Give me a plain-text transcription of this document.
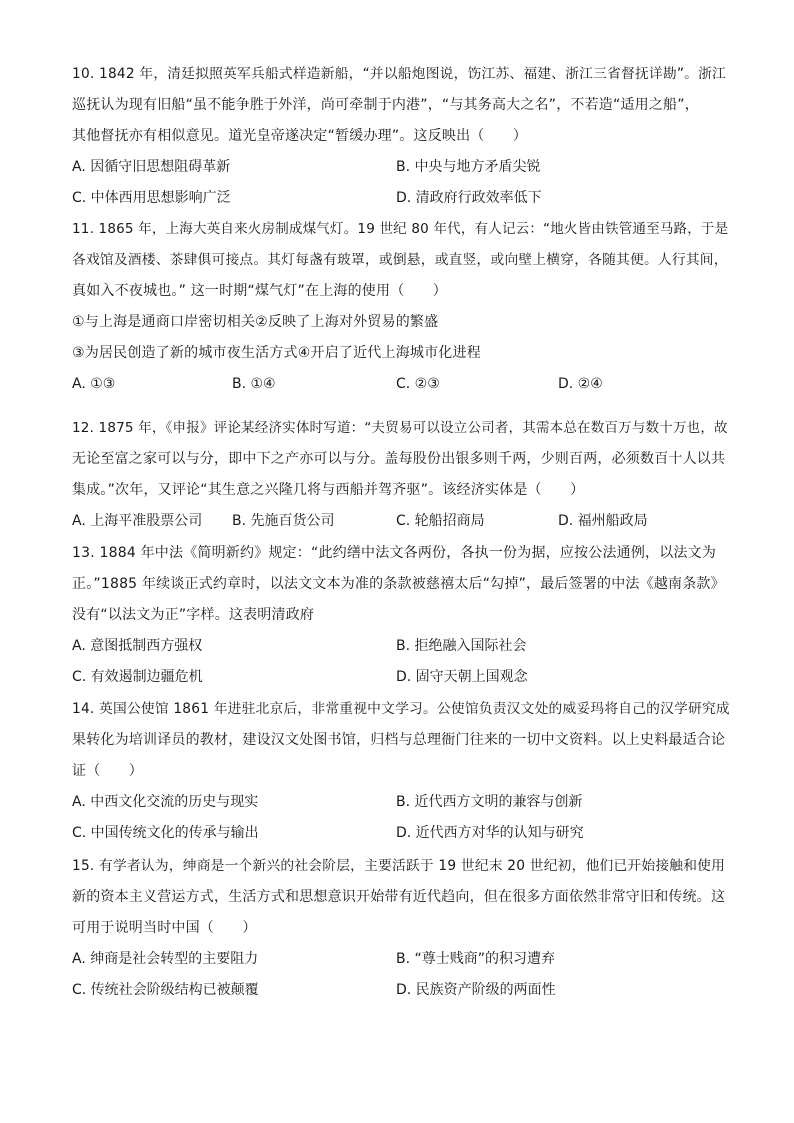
10. 1842 年，清廷拟照英军兵船式样造新船，“并以船炮图说，饬江苏、福建、浙江三省督抚详勘”。浙江
巡抚认为现有旧船“虽不能争胜于外洋，尚可牵制于内港”，“与其务高大之名”，不若造“适用之船”，
其他督抚亦有相似意见。道光皇帝遂决定“暂缓办理”。这反映出（　　）
A. 因循守旧思想阻碍革新	B. 中央与地方矛盾尖锐
C. 中体西用思想影响广泛	D. 清政府行政效率低下
11. 1865 年，上海大英自来火房制成煤气灯。19 世纪 80 年代，有人记云：“地火皆由铁管通至马路，于是
各戏馆及酒楼、茶肆俱可接点。其灯每盏有玻罩，或倒悬，或直竖，或向壁上横穿，各随其便。人行其间，
真如入不夜城也。” 这一时期“煤气灯”在上海的使用（　　）
①与上海是通商口岸密切相关②反映了上海对外贸易的繁盛
③为居民创造了新的城市夜生活方式④开启了近代上海城市化进程
A. ①③	B. ①④	C. ②③	D. ②④
12. 1875 年，《申报》评论某经济实体时写道：“夫贸易可以设立公司者，其需本总在数百万与数十万也，故
无论至富之家可以与分，即中下之产亦可以与分。盖每股份出银多则千两，少则百两，必须数百十人以共
集成。”次年，又评论“其生意之兴隆几将与西船并驾齐驱”。该经济实体是（　　）
A. 上海平准股票公司 B. 先施百货公司	C. 轮船招商局	D. 福州船政局
13. 1884 年中法《简明新约》规定：“此约缮中法文各两份，各执一份为据，应按公法通例，以法文为
正。”1885 年续谈正式约章时，以法文文本为准的条款被慈禧太后“勾掉”，最后签署的中法《越南条款》
没有“以法文为正”字样。这表明清政府
A. 意图抵制西方强权	B. 拒绝融入国际社会
C. 有效遏制边疆危机	D. 固守天朝上国观念
14. 英国公使馆 1861 年进驻北京后，非常重视中文学习。公使馆负责汉文处的威妥玛将自己的汉学研究成
果转化为培训译员的教材，建设汉文处图书馆，归档与总理衙门往来的一切中文资料。以上史料最适合论
证（　　）
A. 中西文化交流的历史与现实	B. 近代西方文明的兼容与创新
C. 中国传统文化的传承与输出	D. 近代西方对华的认知与研究
15. 有学者认为，绅商是一个新兴的社会阶层，主要活跃于 19 世纪末 20 世纪初，他们已开始接触和使用
新的资本主义营运方式，生活方式和思想意识开始带有近代趋向，但在很多方面依然非常守旧和传统。这
可用于说明当时中国（　　）
A. 绅商是社会转型的主要阻力	B. “尊士贱商”的积习遭弃
C. 传统社会阶级结构已被颠覆	D. 民族资产阶级的两面性
